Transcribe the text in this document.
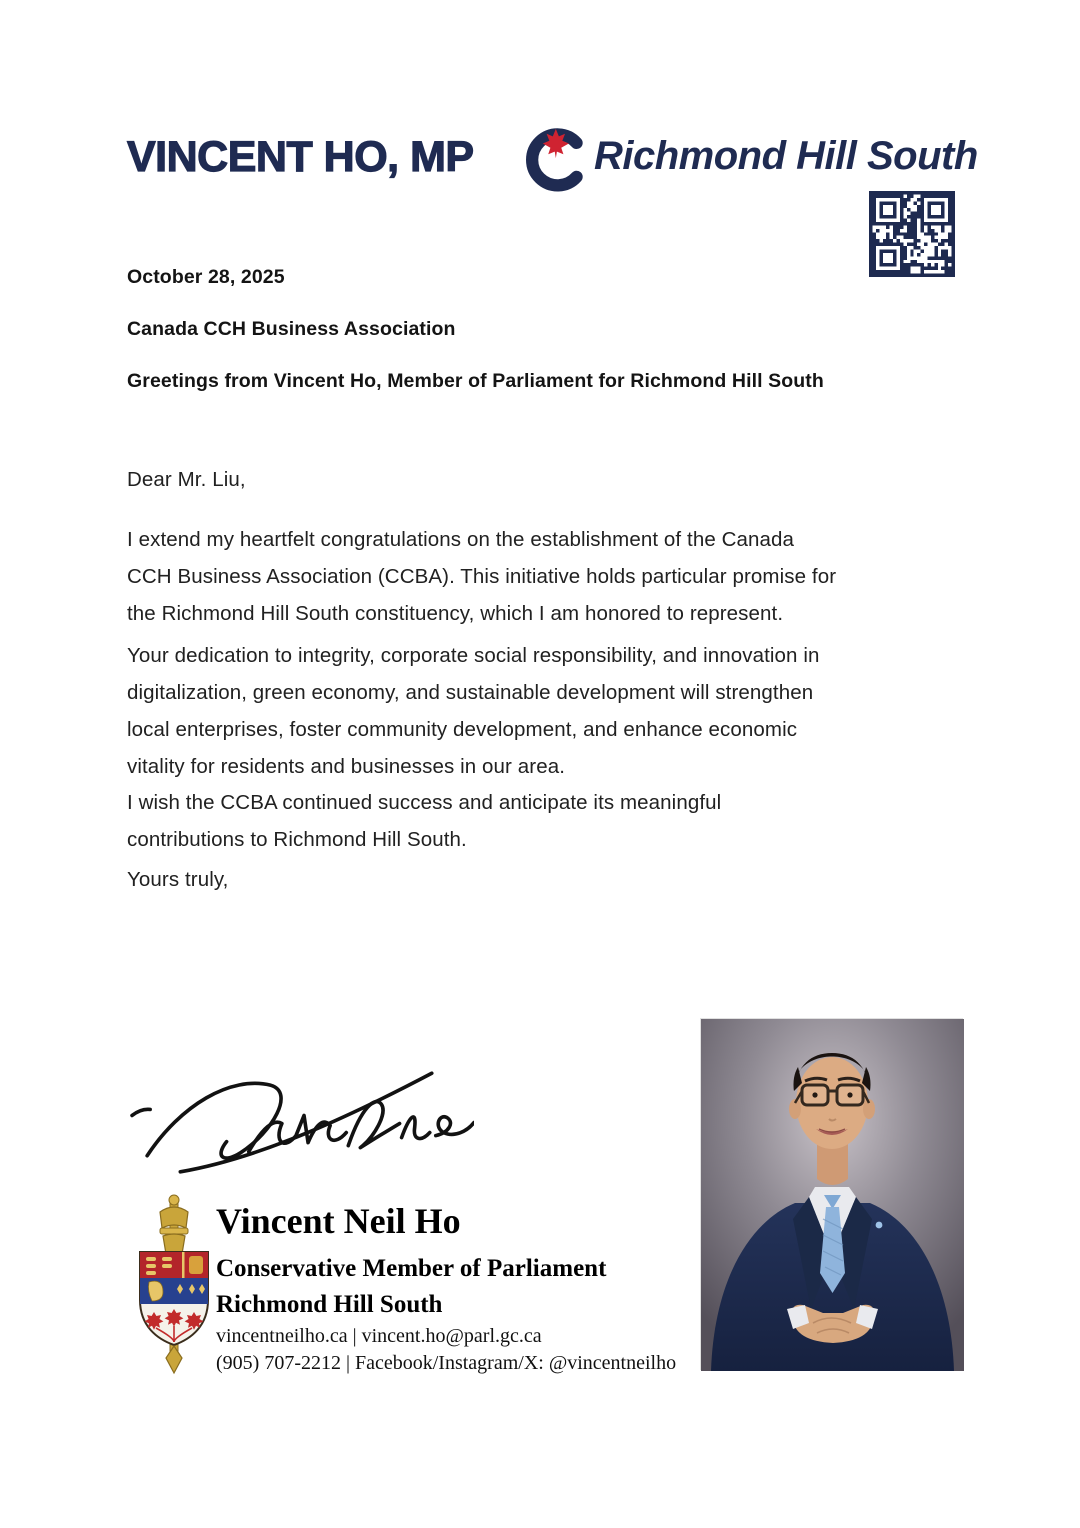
VINCENT HO, MP	Richmond Hill South
October 28, 2025
Canada CCH Business Association
Greetings from Vincent Ho, Member of Parliament for Richmond Hill South
Dear Mr. Liu,
I extend my heartfelt congratulations on the establishment of the Canada
CCH Business Association (CCBA). This initiative holds particular promise for
the Richmond Hill South constituency, which I am honored to represent.
Your dedication to integrity, corporate social responsibility, and innovation in
digitalization, green economy, and sustainable development will strengthen
local enterprises, foster community development, and enhance economic
vitality for residents and businesses in our area.
I wish the CCBA continued success and anticipate its meaningful
contributions to Richmond Hill South.
Yours truly,
Vincent Neil Ho
Conservative Member of Parliament
Richmond Hill South
vincentneilho.ca | vincent.ho@parl.gc.ca
(905) 707-2212 | Facebook/Instagram/X: @vincentneilho
